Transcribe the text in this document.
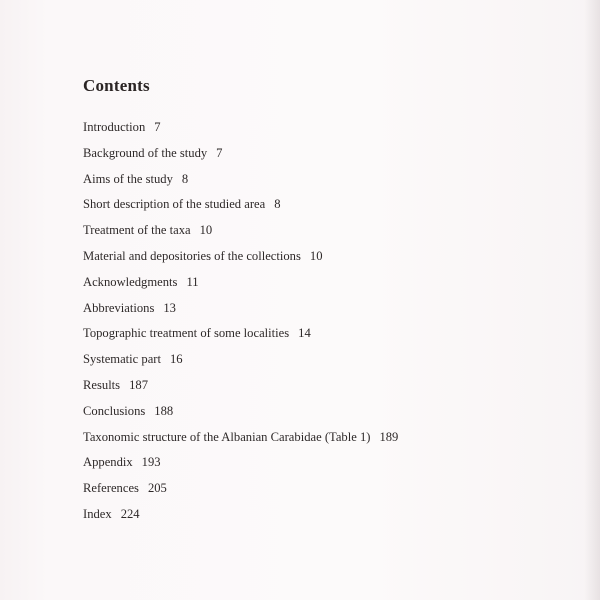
Contents
Introduction 7
Background of the study 7
Aims of the study 8
Short description of the studied area 8
Treatment of the taxa 10
Material and depositories of the collections 10
Acknowledgments 11
Abbreviations 13
Topographic treatment of some localities 14
Systematic part 16
Results 187
Conclusions 188
Taxonomic structure of the Albanian Carabidae (Table 1) 189
Appendix 193
References 205
Index 224
